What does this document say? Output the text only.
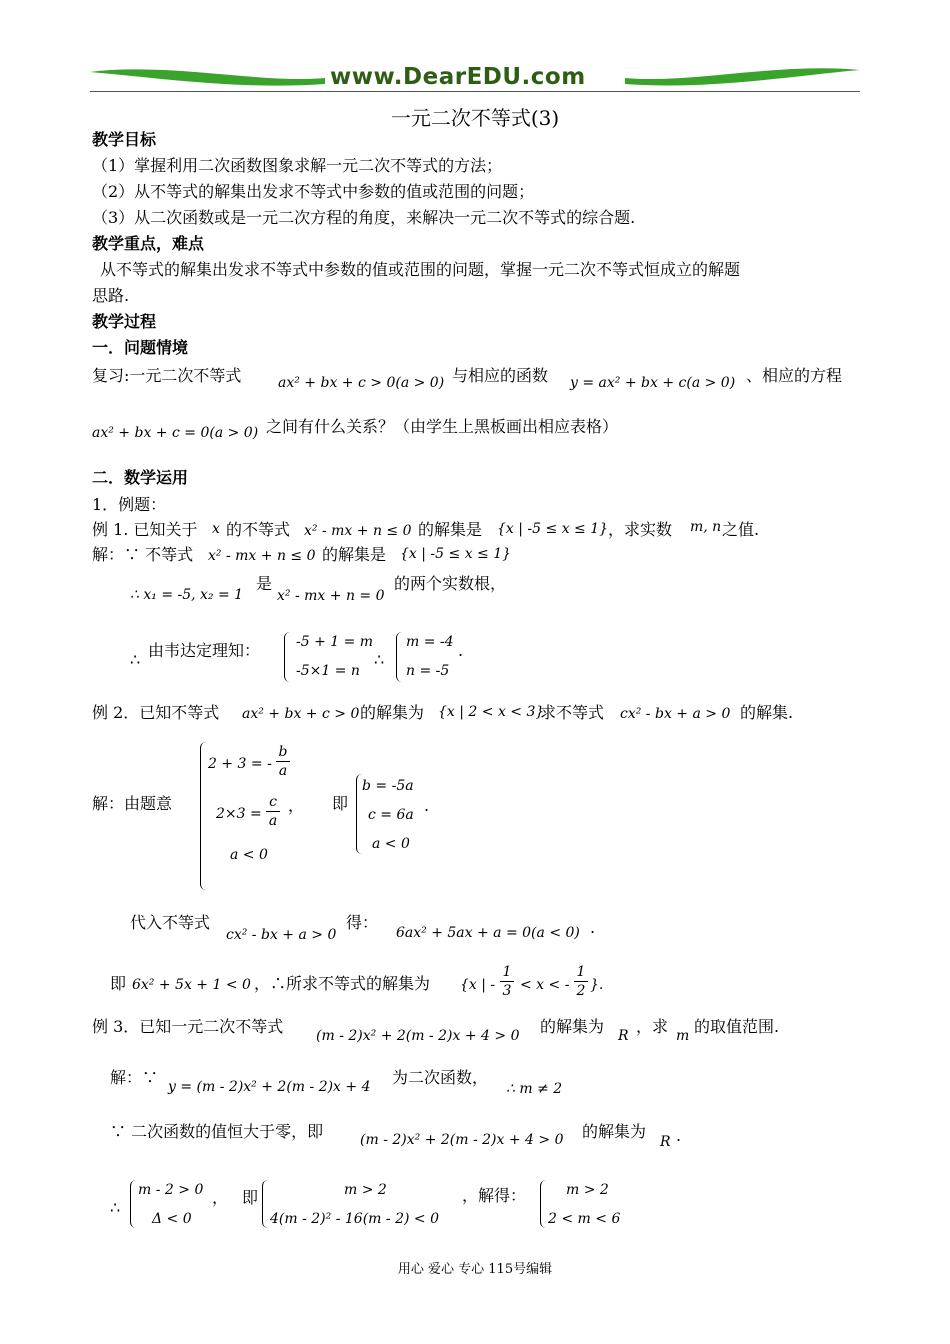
www.DearEDU.com
一元二次不等式(3)
教学目标
（1）掌握利用二次函数图象求解一元二次不等式的方法；
（2）从不等式的解集出发求不等式中参数的值或范围的问题；
（3）从二次函数或是一元二次方程的角度，来解决一元二次不等式的综合题.
教学重点，难点
从不等式的解集出发求不等式中参数的值或范围的问题，掌握一元二次不等式恒成立的解题
思路.
教学过程
一．问题情境
复习:一元二次不等式	ax² + bx + c > 0(a > 0) 与相应的函数 y = ax² + bx + c(a > 0) 、相应的方程
ax² + bx + c = 0(a > 0) 之间有什么关系？（由学生上黑板画出相应表格）
二．数学运用
1．例题：
例 1. 已知关于 x 的不等式 x² - mx + n ≤ 0 的解集是 {x | -5 ≤ x ≤ 1} ，求实数 m, n 之值.
解：∵ 不等式 x² - mx + n ≤ 0 的解集是 {x | -5 ≤ x ≤ 1}
∴ x₁ = -5, x₂ = 1
是
x² - mx + n = 0
的两个实数根，
∴ 由韦达定理知：	-5 + 1 = m
-5×1 = n
∴
m = -4
n = -5
.
例 2．已知不等式 ax² + bx + c > 0 的解集为 {x | 2 < x < 3}
求不等式 cx² - bx + a > 0 的解集.
解：由题意
2 + 3 = -
b
a
2×3 =
c
a
a < 0
， 即
b = -5a
c = 6a
a < 0
.
代入不等式
cx² - bx + a > 0
得：
6ax² + 5ax + a = 0(a < 0) .
即 6x² + 5x + 1 < 0 ，∴所求不等式的解集为 {x | -
1
3 < x < -
1
2 }.
例 3．已知一元二次不等式 (m - 2)x² + 2(m - 2)x + 4 > 0 的解集为 R ，求 m 的取值范围.
解：∵ y = (m - 2)x² + 2(m - 2)x + 4 为二次函数，
∴ m ≠ 2
∵ 二次函数的值恒大于零，即	(m - 2)x² + 2(m - 2)x + 4 > 0 的解集为
R .
∴
m - 2 > 0
Δ < 0
， 即	m > 2
4(m - 2)² - 16(m - 2) < 0
，解得：	m > 2
2 < m < 6
用心 爱心 专心 115号编辑
